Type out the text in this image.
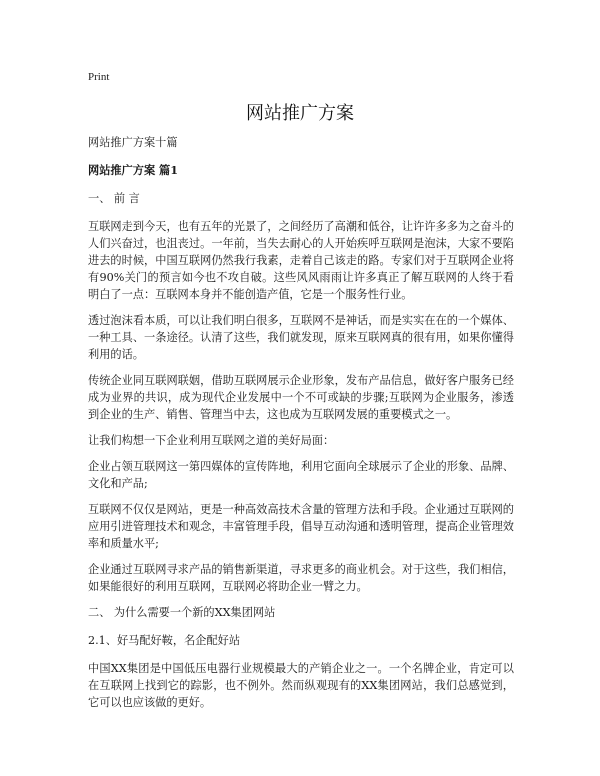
Print
网站推广方案

网站推广方案十篇

网站推广方案 篇1

一、 前 言

互联网走到今天，也有五年的光景了，之间经历了高潮和低谷，让许许多多为之奋斗的人们兴奋过，也沮丧过。一年前，当失去耐心的人开始疾呼互联网是泡沫，大家不要陷进去的时候，中国互联网仍然我行我素，走着自己该走的路。专家们对于互联网企业将有90%关门的预言如今也不攻自破。这些风风雨雨让许多真正了解互联网的人终于看明白了一点：互联网本身并不能创造产值，它是一个服务性行业。

透过泡沫看本质，可以让我们明白很多，互联网不是神话，而是实实在在的一个媒体、一种工具、一条途径。认清了这些，我们就发现，原来互联网真的很有用，如果你懂得利用的话。

传统企业同互联网联姻，借助互联网展示企业形象，发布产品信息，做好客户服务已经成为业界的共识，成为现代企业发展中一个不可或缺的步骤;互联网为企业服务，渗透到企业的生产、销售、管理当中去，这也成为互联网发展的重要模式之一。

让我们构想一下企业利用互联网之道的美好局面：

企业占领互联网这一第四媒体的宣传阵地，利用它面向全球展示了企业的形象、品牌、文化和产品;

互联网不仅仅是网站，更是一种高效高技术含量的管理方法和手段。企业通过互联网的应用引进管理技术和观念，丰富管理手段，倡导互动沟通和透明管理，提高企业管理效率和质量水平;

企业通过互联网寻求产品的销售新渠道，寻求更多的商业机会。对于这些，我们相信，如果能很好的利用互联网，互联网必将助企业一臂之力。

二、 为什么需要一个新的XX集团网站

2.1、好马配好鞍，名企配好站

中国XX集团是中国低压电器行业规模最大的产销企业之一。一个名牌企业，肯定可以在互联网上找到它的踪影，也不例外。然而纵观现有的XX集团网站，我们总感觉到，它可以也应该做的更好。
